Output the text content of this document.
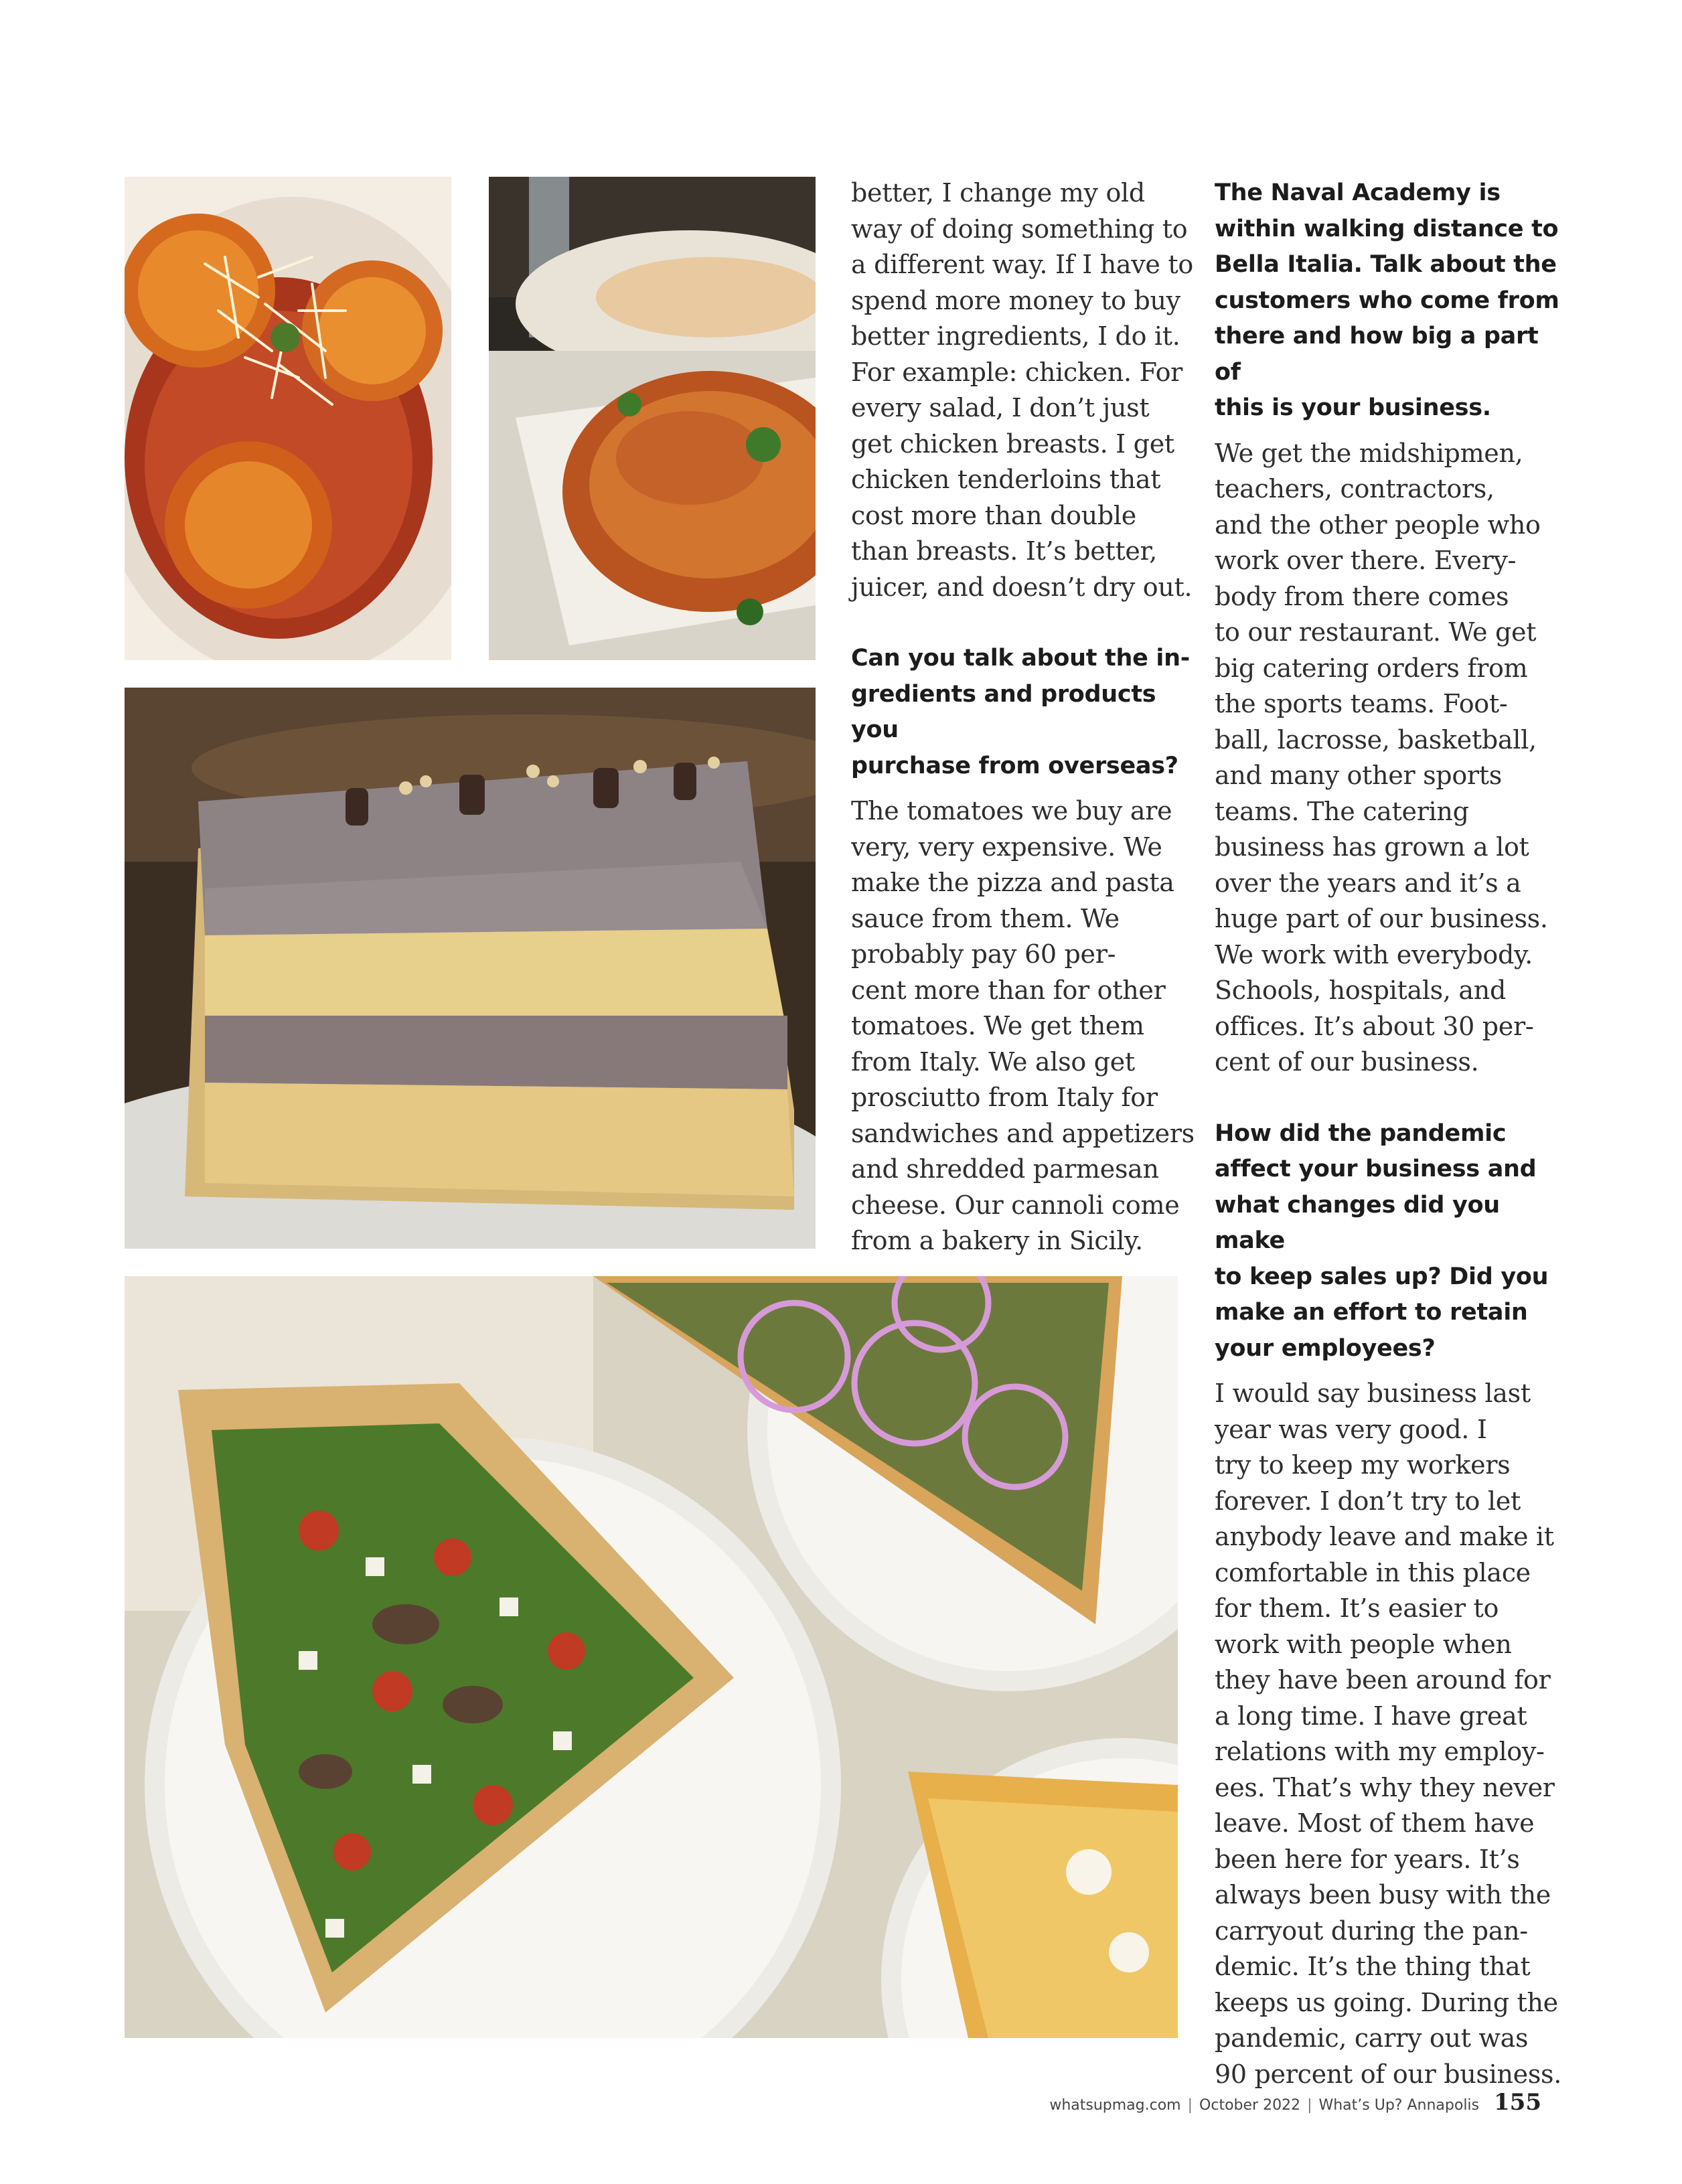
better, I change my old
way of doing something to
a different way. If I have to
spend more money to buy
better ingredients, I do it.
For example: chicken. For
every salad, I don’t just
get chicken breasts. I get
chicken tenderloins that
cost more than double
than breasts. It’s better,
juicer, and doesn’t dry out.
Can you talk about the in-
gredients and products you
purchase from overseas?
The tomatoes we buy are
very, very expensive. We
make the pizza and pasta
sauce from them. We
probably pay 60 per-
cent more than for other
tomatoes. We get them
from Italy. We also get
prosciutto from Italy for
sandwiches and appetizers
and shredded parmesan
cheese. Our cannoli come
from a bakery in Sicily.
The Naval Academy is
within walking distance to
Bella Italia. Talk about the
customers who come from
there and how big a part of
this is your business.
We get the midshipmen,
teachers, contractors,
and the other people who
work over there. Every-
body from there comes
to our restaurant. We get
big catering orders from
the sports teams. Foot-
ball, lacrosse, basketball,
and many other sports
teams. The catering
business has grown a lot
over the years and it’s a
huge part of our business.
We work with everybody.
Schools, hospitals, and
offices. It’s about 30 per-
cent of our business.
How did the pandemic
affect your business and
what changes did you make
to keep sales up? Did you
make an effort to retain
your employees?
I would say business last
year was very good. I
try to keep my workers
forever. I don’t try to let
anybody leave and make it
comfortable in this place
for them. It’s easier to
work with people when
they have been around for
a long time. I have great
relations with my employ-
ees. That’s why they never
leave. Most of them have
been here for years. It’s
always been busy with the
carryout during the pan-
demic. It’s the thing that
keeps us going. During the
pandemic, carry out was
90 percent of our business.
whatsupmag.com | October 2022 | What’s Up? Annapolis 155
